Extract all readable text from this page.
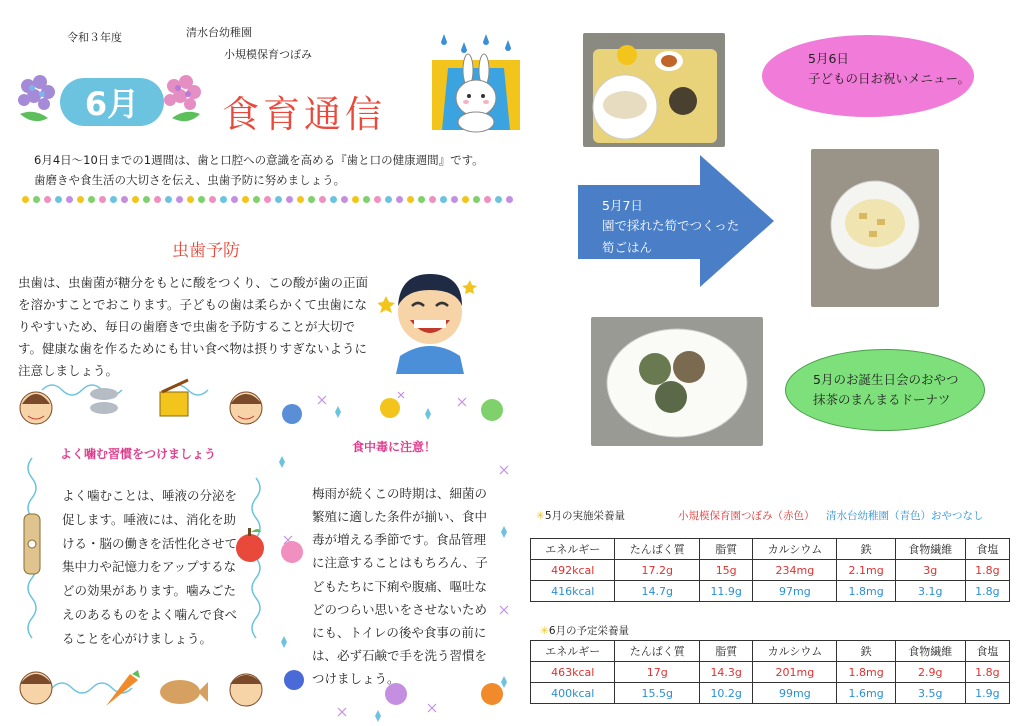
令和３年度	清水台幼稚園
小規模保育つぼみ
6月	食育通信
6月4日〜10日までの1週間は、歯と口腔への意識を高める『歯と口の健康週間』です。
歯磨きや食生活の大切さを伝え、虫歯予防に努めましょう。
虫歯予防
虫歯は、虫歯菌が糖分をもとに酸をつくり、この酸が歯の正面を溶かすことでおこります。子どもの歯は柔らかくて虫歯になりやすいため、毎日の歯磨きで虫歯を予防することが大切です。健康な歯を作るためにも甘い食べ物は摂りすぎないように注意しましょう。
よく噛む習慣をつけましょう
よく噛むことは、唾液の分泌を促します。唾液には、消化を助ける・脳の働きを活性化させて集中力や記憶力をアップするなどの効果があります。噛みごたえのあるものをよく噛んで食べることを心がけましょう。
食中毒に注意！
梅雨が続くこの時期は、細菌の繁殖に適した条件が揃い、食中毒が増える季節です。食品管理に注意することはもちろん、子どもたちに下痢や腹痛、嘔吐などのつらい思いをさせないためにも、トイレの後や食事の前には、必ず石鹸で手を洗う習慣をつけましょう。
5月6日
子どもの日お祝いメニュー。
5月7日
園で採れた筍でつくった
筍ごはん
5月のお誕生日会のおやつ
抹茶のまんまるドーナツ
✳5月の実施栄養量	小規模保育園つぼみ（赤色） 清水台幼稚園（青色）おやつなし
エネルギー	たんぱく質	脂質	カルシウム	鉄	食物繊維	食塩
492kcal	17.2g	15g	234mg	2.1mg	3g	1.8g
416kcal	14.7g	11.9g	97mg	1.8mg	3.1g	1.8g
✳6月の予定栄養量
エネルギー	たんぱく質	脂質	カルシウム	鉄	食物繊維	食塩
463kcal	17g	14.3g	201mg	1.8mg	2.9g	1.8g
400kcal	15.5g	10.2g	99mg	1.6mg	3.5g	1.9g
